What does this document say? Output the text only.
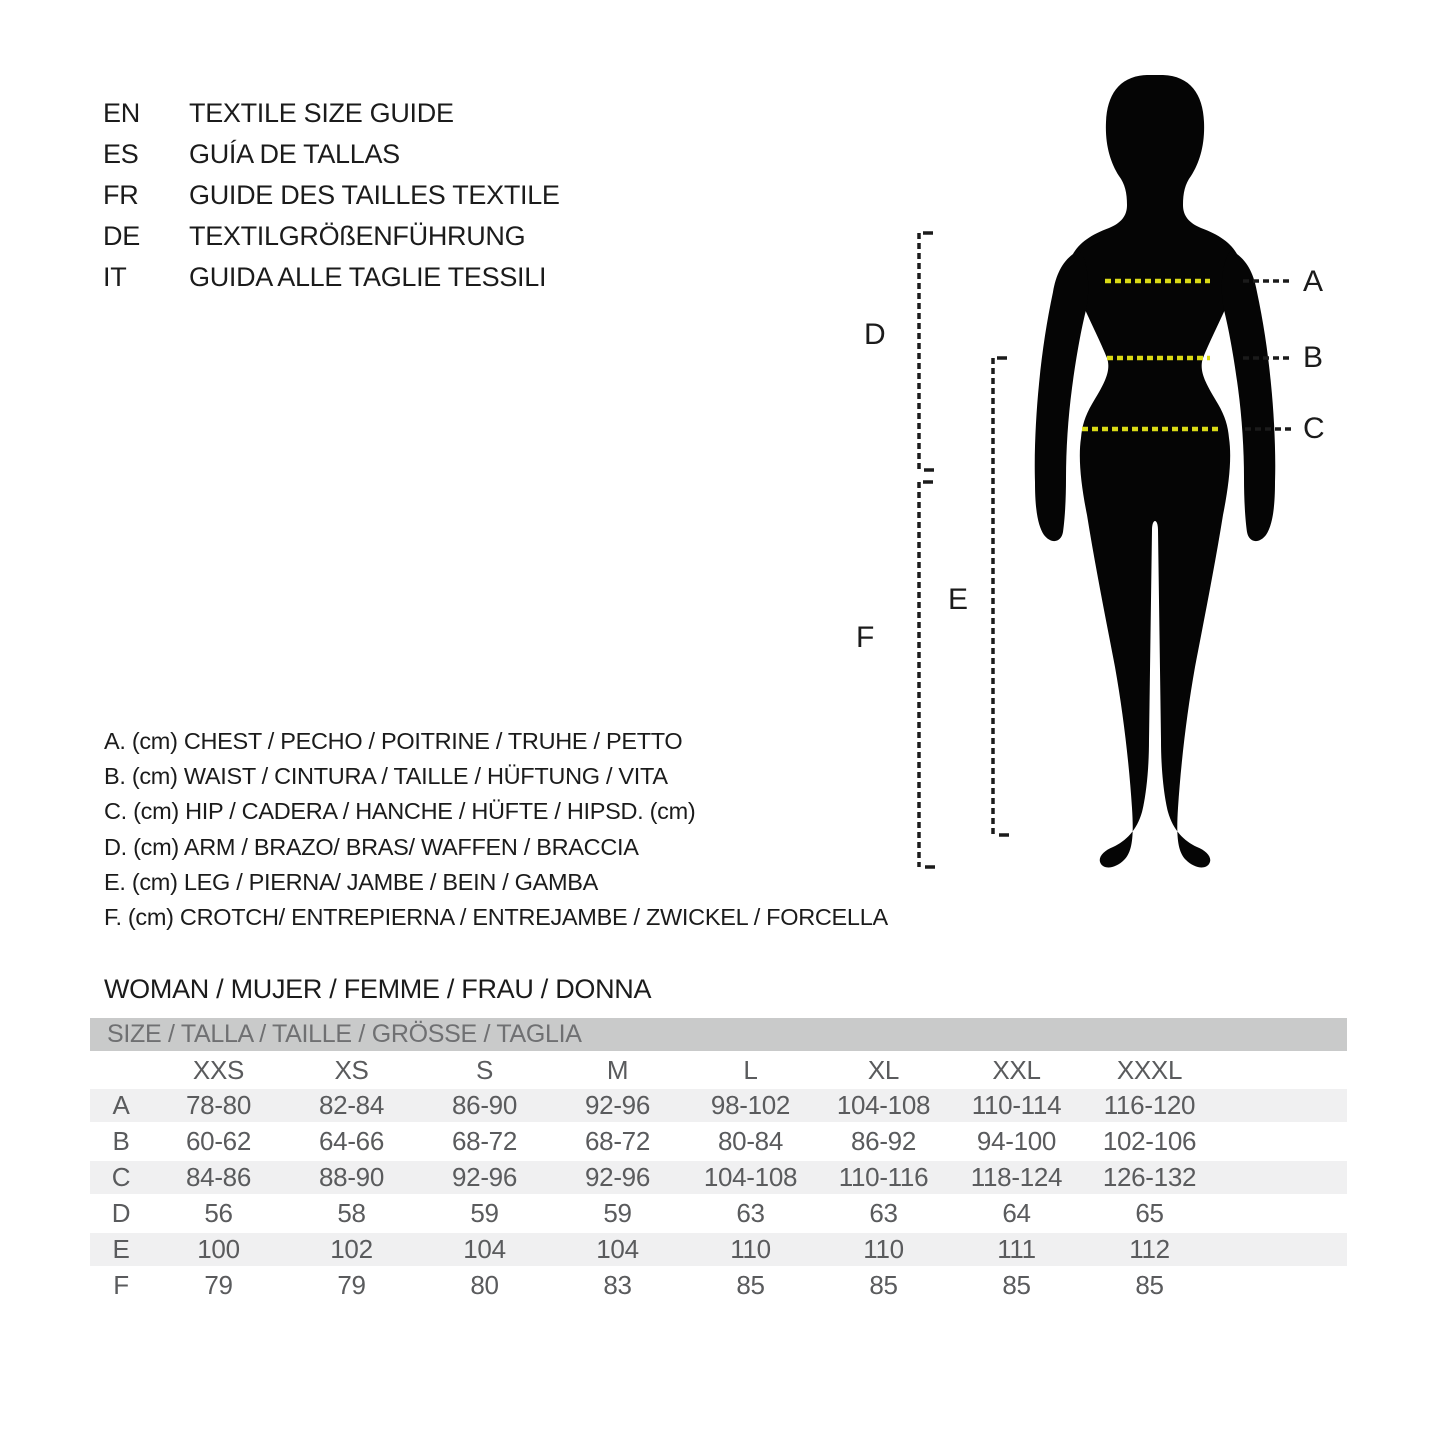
EN	TEXTILE SIZE GUIDE
ES	GUÍA DE TALLAS
FR	GUIDE DES TAILLES TEXTILE
DE	TEXTILGRÖßENFÜHRUNG
IT	GUIDA ALLE TAGLIE TESSILI	A
B
C
D
E
F
A. (cm) CHEST / PECHO / POITRINE / TRUHE / PETTO
B. (cm) WAIST / CINTURA / TAILLE / HÜFTUNG / VITA
C. (cm) HIP / CADERA / HANCHE / HÜFTE / HIPSD. (cm)
D. (cm) ARM / BRAZO/ BRAS/ WAFFEN / BRACCIA
E. (cm) LEG / PIERNA/ JAMBE / BEIN / GAMBA
F. (cm) CROTCH/ ENTREPIERNA / ENTREJAMBE / ZWICKEL / FORCELLA
WOMAN / MUJER / FEMME / FRAU / DONNA
SIZE / TALLA / TAILLE / GRÖSSE / TAGLIA
	XXS	XS	S	M	L	XL	XXL	XXXL	
A	78-80	82-84	86-90	92-96	98-102	104-108	110-114	116-120	
B	60-62	64-66	68-72	68-72	80-84	86-92	94-100	102-106	
C	84-86	88-90	92-96	92-96	104-108	110-116	118-124	126-132	
D	56	58	59	59	63	63	64	65	
E	100	102	104	104	110	110	111	112	
F	79	79	80	83	85	85	85	85	
